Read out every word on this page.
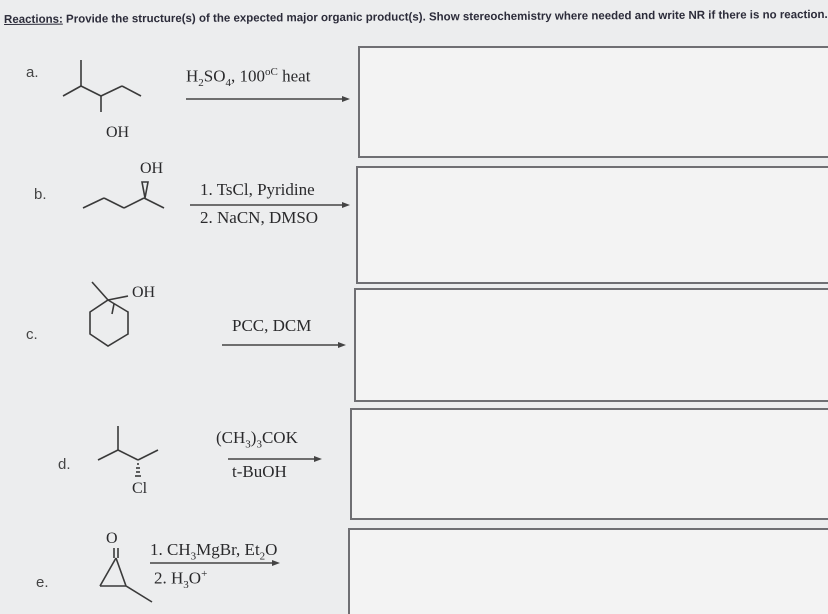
Reactions: Provide the structure(s) of the expected major organic product(s). Show stereochemistry where needed and write NR if there is no reaction.
a.
OH
$H_2SO_4$, $100^{oC}$ heat
b.
OH
1. TsCl, Pyridine
2. NaCN, DMSO
c.
OH
PCC, DCM
d.
Cl
$(CH_3)_3COK$
t-BuOH
e.
O
1. $CH_3MgBr$, $Et_2O$
2. $H_3O^+$
